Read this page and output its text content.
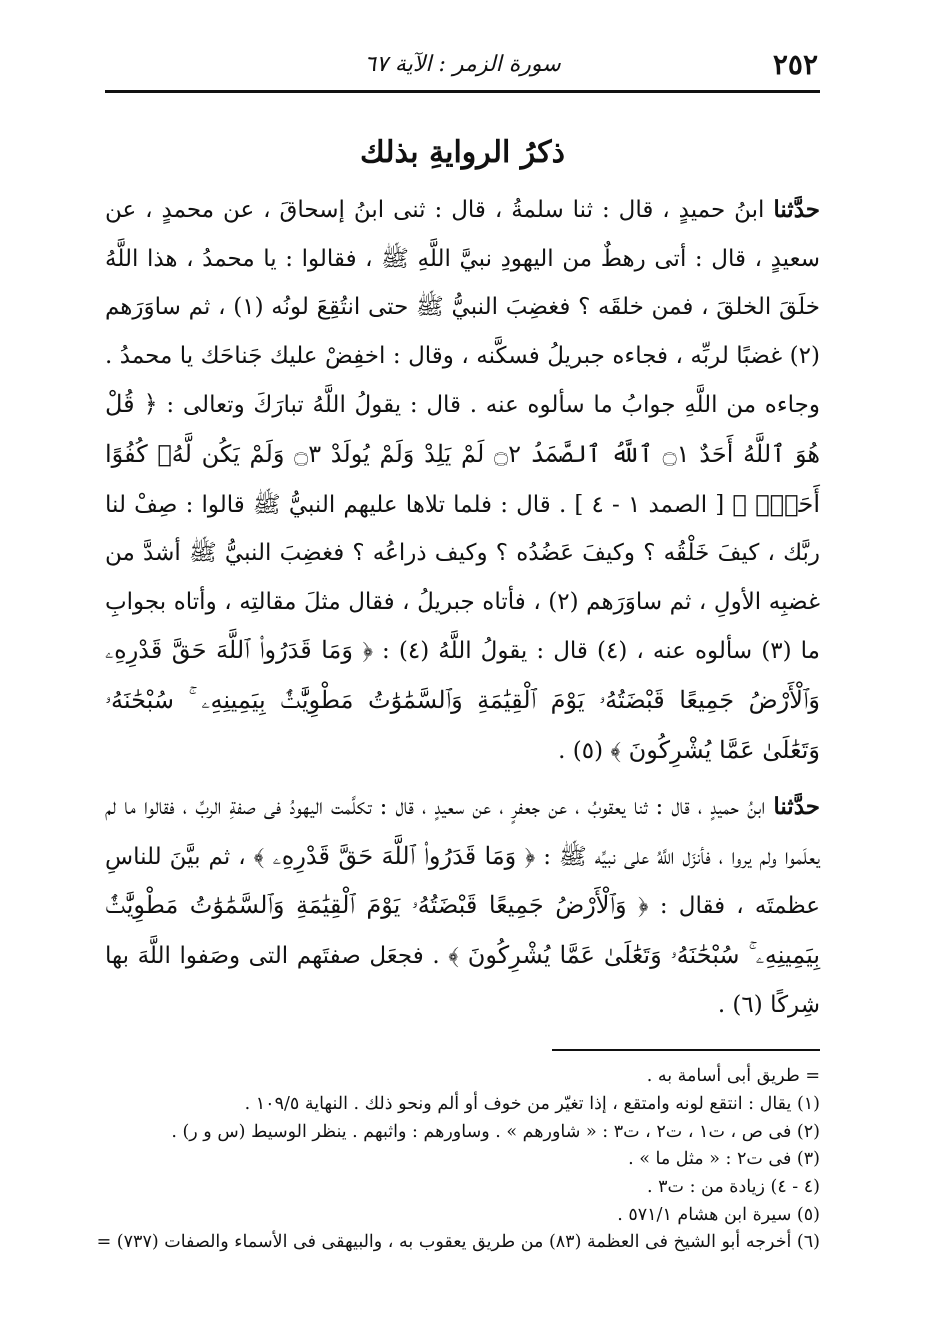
٢٥٢
سورة الزمر : الآية ٦٧
ذكرُ الروايةِ بذلك

حدَّثنا ابنُ حميدٍ ، قال : ثنا سلمةُ ، قال : ثنى ابنُ إسحاقَ ، عن محمدٍ ، عن سعيدٍ ، قال : أتى رهطٌ من اليهودِ نبيَّ اللَّهِ ﷺ ، فقالوا : يا محمدُ ، هذا اللَّهُ خلَقَ الخلقَ ، فمن خلقَه ؟ فغضِبَ النبيُّ ﷺ حتى انتُقِعَ لونُه (١) ، ثم ساوَرَهم (٢) غضبًا لربِّه ، فجاءه جبريلُ فسكَّنه ، وقال : اخفِضْ عليك جَناحَك يا محمدُ . وجاءه من اللَّهِ جوابُ ما سألوه عنه . قال : يقولُ اللَّهُ تبارَكَ وتعالى : ﴿ قُلْ هُوَ ٱللَّهُ أَحَدٌ ۝١ ٱللَّهُ ٱلصَّمَدُ ۝٢ لَمْ يَلِدْ وَلَمْ يُولَدْ ۝٣ وَلَمْ يَكُن لَّهُۥ كُفُوًا أَحَدٌۢ ﴾ [ الصمد ١ - ٤ ] . قال : فلما تلاها عليهم النبيُّ ﷺ قالوا : صِفْ لنا ربَّك ، كيفَ خَلْقُه ؟ وكيفَ عَضُدُه ؟ وكيف ذراعُه ؟ فغضِبَ النبيُّ ﷺ أشدَّ من غضبِه الأولِ ، ثم ساوَرَهم (٢) ، فأتاه جبريلُ ، فقال مثلَ مقالتِه ، وأتاه بجوابِ ما (٣) سألوه عنه ، (٤) قال : يقولُ اللَّهُ (٤) : ﴿ وَمَا قَدَرُوا۟ ٱللَّهَ حَقَّ قَدْرِهِۦ وَٱلْأَرْضُ جَمِيعًا قَبْضَتُهُۥ يَوْمَ ٱلْقِيَٰمَةِ وَٱلسَّمَٰوَٰتُ مَطْوِيَّٰتٌۢ بِيَمِينِهِۦ ۚ سُبْحَٰنَهُۥ وَتَعَٰلَىٰ عَمَّا يُشْرِكُونَ ﴾ (٥) .

حدَّثنا ابنُ حميدٍ ، قال : ثنا يعقوبُ ، عن جعفرٍ ، عن سعيدٍ ، قال : تكلَّمت اليهودُ فى صفةِ الربِّ ، فقالوا ما لم يعلَموا ولم يروا ، فأنزَل اللَّهُ على نبيِّه ﷺ : ﴿ وَمَا قَدَرُوا۟ ٱللَّهَ حَقَّ قَدْرِهِۦ ﴾ ، ثم بيَّنَ للناسِ عظمتَه ، فقال : ﴿ وَٱلْأَرْضُ جَمِيعًا قَبْضَتُهُۥ يَوْمَ ٱلْقِيَٰمَةِ وَٱلسَّمَٰوَٰتُ مَطْوِيَّٰتٌۢ بِيَمِينِهِۦ ۚ سُبْحَٰنَهُۥ وَتَعَٰلَىٰ عَمَّا يُشْرِكُونَ ﴾ . فجعَل صفتَهم التى وصَفوا اللَّهَ بها شِركًا (٦) .

= طريق أبى أسامة به .

(١) يقال : انتقع لونه وامتقع ، إذا تغيّر من خوف أو ألم ونحو ذلك . النهاية ١٠٩/٥ .

(٢) فى ص ، ت١ ، ت٢ ، ت٣ : « شاورهم » . وساورهم : واثبهم . ينظر الوسيط (س و ر) .

(٣) فى ت٢ : « مثل ما » .

(٤ - ٤) زيادة من : ت٣ .

(٥) سيرة ابن هشام ٥٧١/١ .

(٦) أخرجه أبو الشيخ فى العظمة (٨٣) من طريق يعقوب به ، والبيهقى فى الأسماء والصفات (٧٣٧) =
